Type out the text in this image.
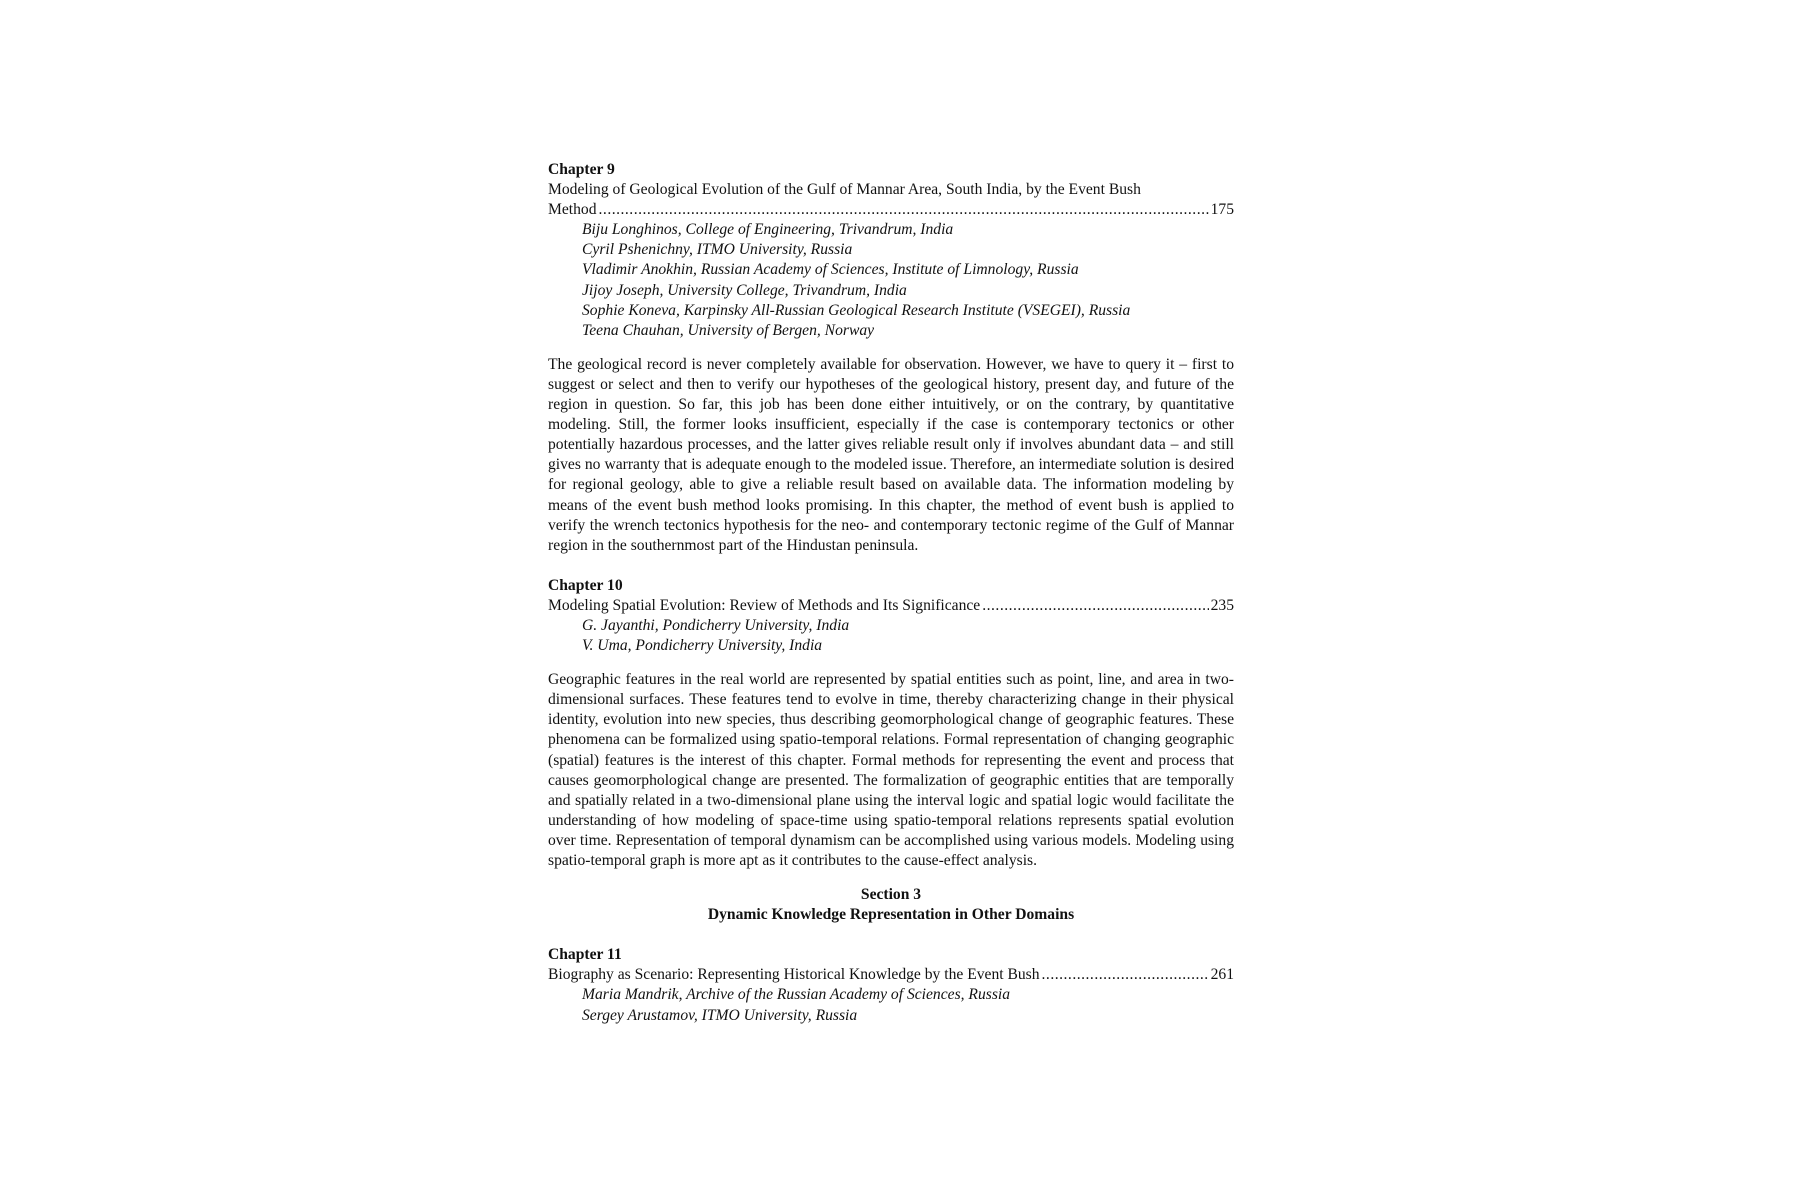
Chapter 9

Modeling of Geological Evolution of the Gulf of Mannar Area, South India, by the Event Bush

Method .....	175

Biju Longhinos, College of Engineering, Trivandrum, India
Cyril Pshenichny, ITMO University, Russia
Vladimir Anokhin, Russian Academy of Sciences, Institute of Limnology, Russia
Jijoy Joseph, University College, Trivandrum, India
Sophie Koneva, Karpinsky All-Russian Geological Research Institute (VSEGEI), Russia
Teena Chauhan, University of Bergen, Norway

The geological record is never completely available for observation. However, we have to query it – first to suggest or select and then to verify our hypotheses of the geological history, present day, and future of the region in question. So far, this job has been done either intuitively, or on the contrary, by quantitative modeling. Still, the former looks insufficient, especially if the case is contemporary tectonics or other potentially hazardous processes, and the latter gives reliable result only if involves abundant data – and still gives no warranty that is adequate enough to the modeled issue. Therefore, an intermediate solution is desired for regional geology, able to give a reliable result based on available data. The information modeling by means of the event bush method looks promising. In this chapter, the method of event bush is applied to verify the wrench tectonics hypothesis for the neo- and contemporary tectonic regime of the Gulf of Mannar region in the southernmost part of the Hindustan peninsula.

Chapter 10

Modeling Spatial Evolution: Review of Methods and Its Significance .....	235

G. Jayanthi, Pondicherry University, India
V. Uma, Pondicherry University, India

Geographic features in the real world are represented by spatial entities such as point, line, and area in two-dimensional surfaces. These features tend to evolve in time, thereby characterizing change in their physical identity, evolution into new species, thus describing geomorphological change of geographic features. These phenomena can be formalized using spatio-temporal relations. Formal representation of changing geographic (spatial) features is the interest of this chapter. Formal methods for representing the event and process that causes geomorphological change are presented. The formalization of geographic entities that are temporally and spatially related in a two-dimensional plane using the interval logic and spatial logic would facilitate the understanding of how modeling of space-time using spatio-temporal relations represents spatial evolution over time. Representation of temporal dynamism can be accomplished using various models. Modeling using spatio-temporal graph is more apt as it contributes to the cause-effect analysis.

Section 3

Dynamic Knowledge Representation in Other Domains

Chapter 11

Biography as Scenario: Representing Historical Knowledge by the Event Bush .....	261

Maria Mandrik, Archive of the Russian Academy of Sciences, Russia
Sergey Arustamov, ITMO University, Russia
